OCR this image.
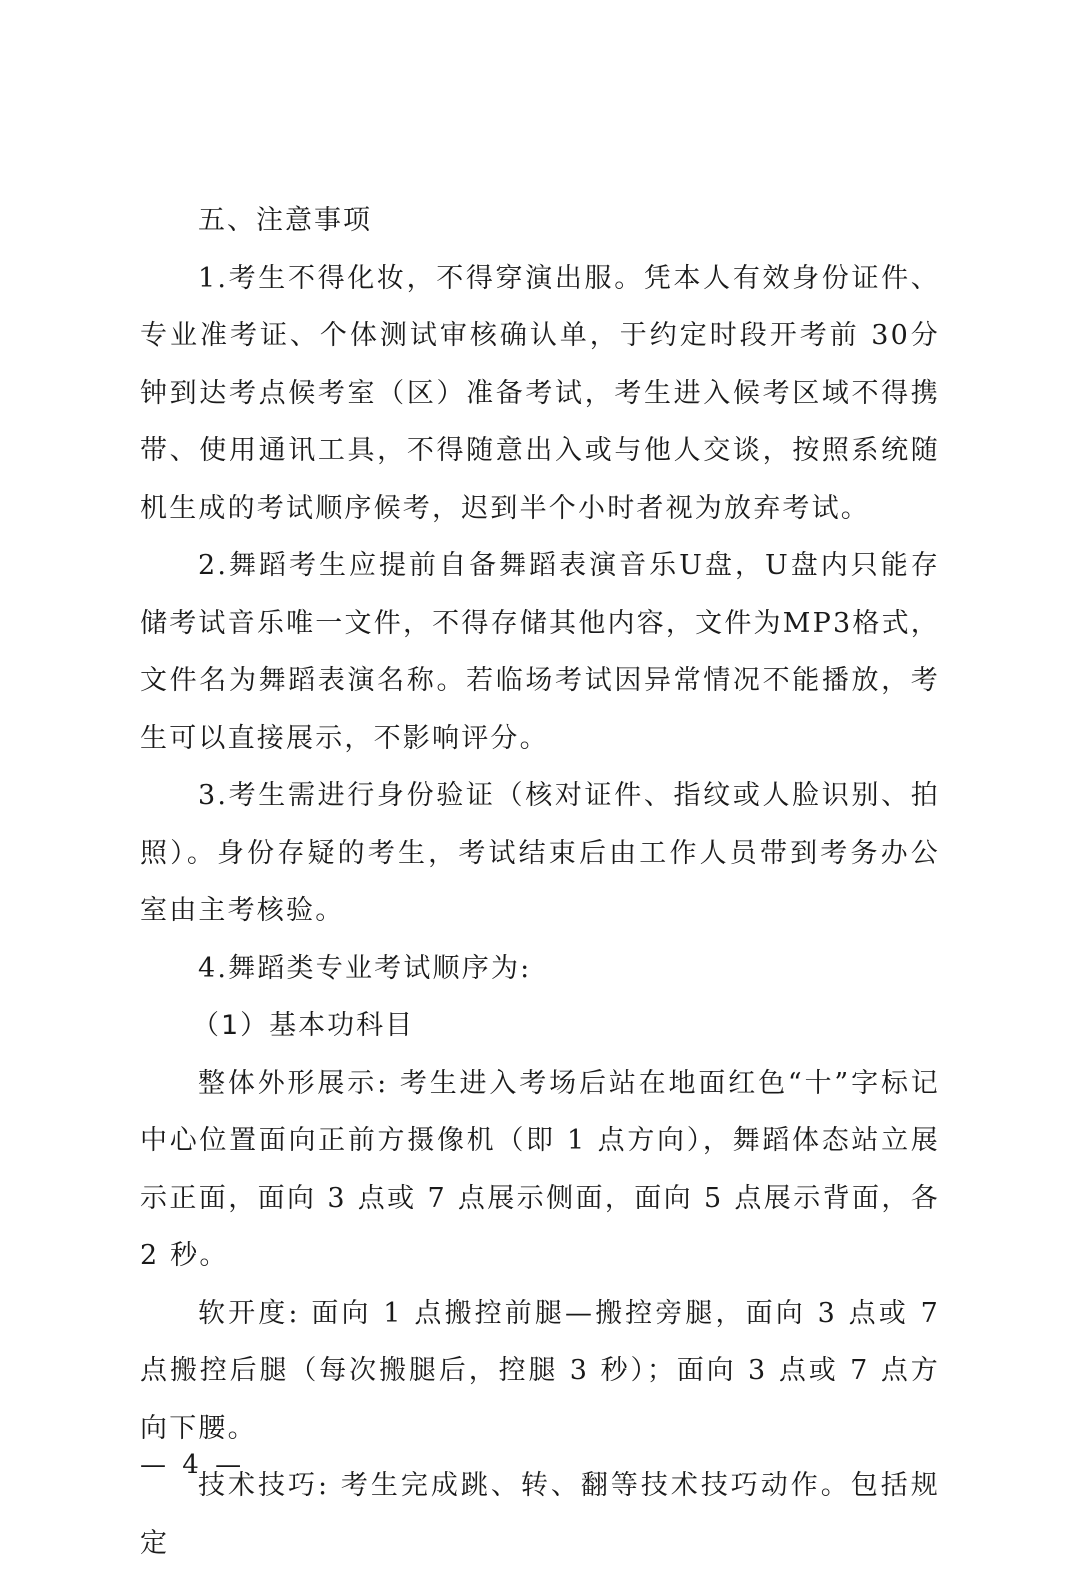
五、注意事项

1.考生不得化妆，不得穿演出服。凭本人有效身份证件、专业准考证、个体测试审核确认单，于约定时段开考前 30分钟到达考点候考室（区）准备考试，考生进入候考区域不得携带、使用通讯工具，不得随意出入或与他人交谈，按照系统随机生成的考试顺序候考，迟到半个小时者视为放弃考试。

2.舞蹈考生应提前自备舞蹈表演音乐U盘，U盘内只能存储考试音乐唯一文件，不得存储其他内容，文件为MP3格式，文件名为舞蹈表演名称。若临场考试因异常情况不能播放，考生可以直接展示，不影响评分。

3.考生需进行身份验证（核对证件、指纹或人脸识别、拍照）。身份存疑的考生，考试结束后由工作人员带到考务办公室由主考核验。

4.舞蹈类专业考试顺序为:

（1）基本功科目

整体外形展示: 考生进入考场后站在地面红色“十”字标记中心位置面向正前方摄像机（即 1 点方向），舞蹈体态站立展示正面，面向 3 点或 7 点展示侧面，面向 5 点展示背面，各 2 秒。

软开度: 面向 1 点搬控前腿—搬控旁腿，面向 3 点或 7 点搬控后腿（每次搬腿后，控腿 3 秒）；面向 3 点或 7 点方向下腰。

技术技巧: 考生完成跳、转、翻等技术技巧动作。包括规定

— 4 —
